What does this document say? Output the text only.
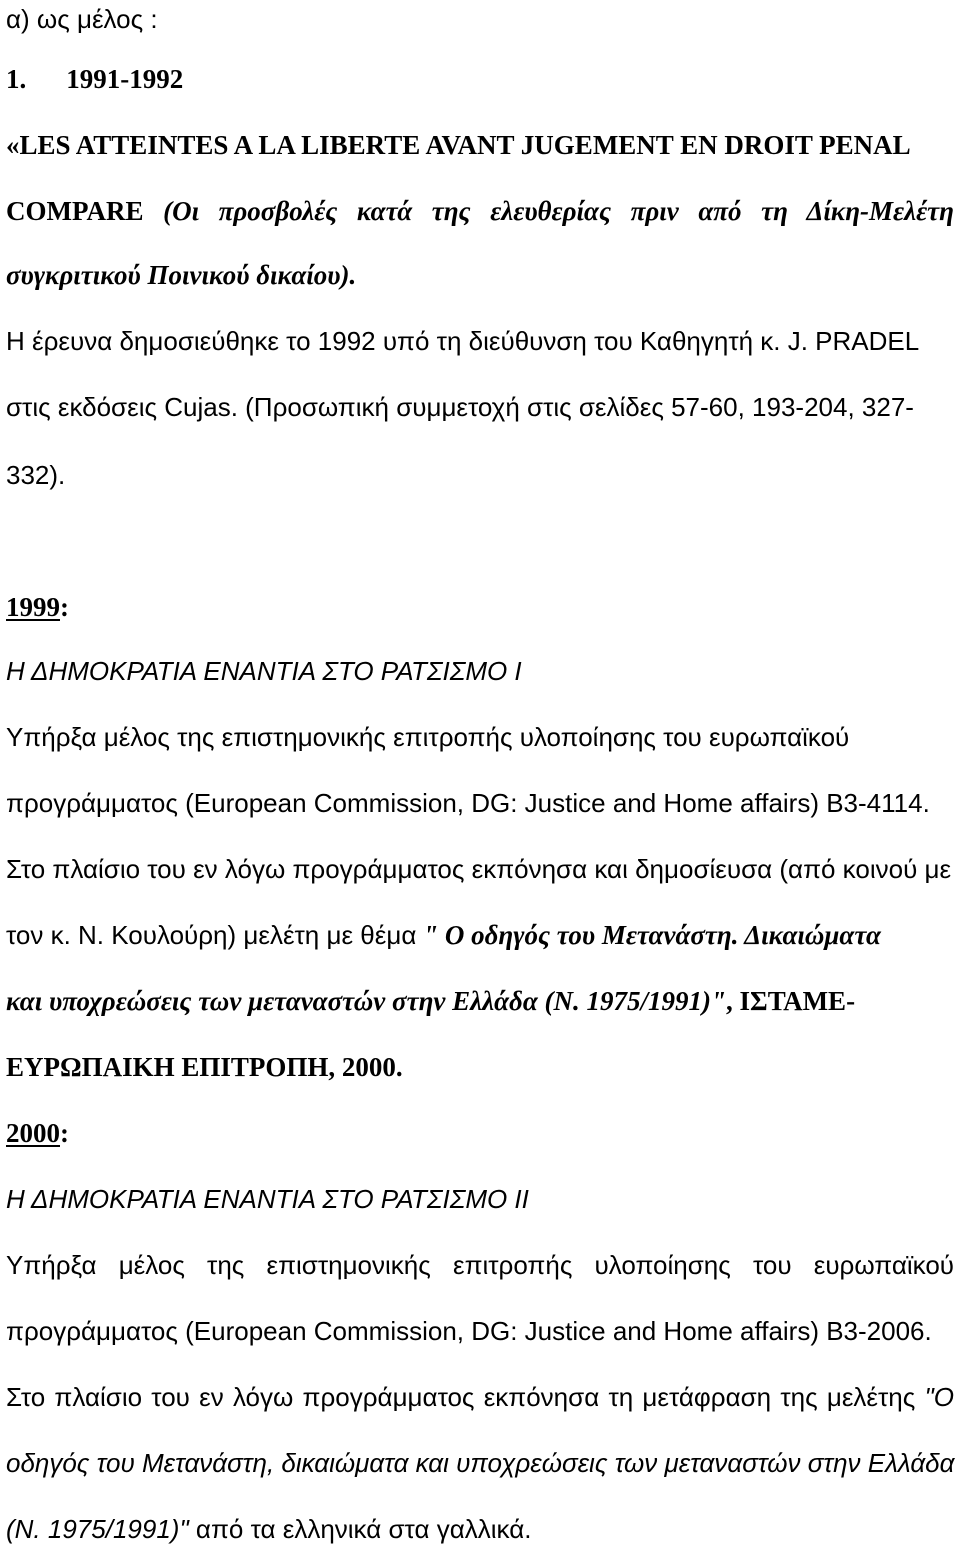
α) ως μέλος :
1. 1991-1992
«LES ATTEINTES A LA LIBERTE AVANT JUGEMENT EN DROIT PENAL
COMPARE (Οι προσβολές κατά της ελευθερίας πριν από τη Δίκη-Μελέτη
συγκριτικού Ποινικού δικαίου).
Η έρευνα δημοσιεύθηκε το 1992 υπό τη διεύθυνση του Καθηγητή κ. J. PRADEL
στις εκδόσεις Cujas. (Προσωπική συμμετοχή στις σελίδες 57-60, 193-204, 327-
332).
1999:
Η ΔΗΜΟΚΡΑΤΙΑ ΕΝΑΝΤΙΑ ΣΤΟ ΡΑΤΣΙΣΜΟ Ι
Υπήρξα μέλος της επιστημονικής επιτροπής υλοποίησης του ευρωπαϊκού
προγράμματος (European Commission, DG: Justice and Home affairs) B3-4114.
Στο πλαίσιο του εν λόγω προγράμματος εκπόνησα και δημοσίευσα (από κοινού με
τον κ. Ν. Κουλούρη) μελέτη με θέμα " Ο οδηγός του Μετανάστη. Δικαιώματα
και υποχρεώσεις των μεταναστών στην Ελλάδα (Ν. 1975/1991)", ΙΣΤΑΜΕ-
ΕΥΡΩΠΑΙΚΗ ΕΠΙΤΡΟΠΗ, 2000.
2000:
Η ΔΗΜΟΚΡΑΤΙΑ ΕΝΑΝΤΙΑ ΣΤΟ ΡΑΤΣΙΣΜΟ ΙΙ
Υπήρξα μέλος της επιστημονικής επιτροπής υλοποίησης του ευρωπαϊκού
προγράμματος (European Commission, DG: Justice and Home affairs) B3-2006.
Στο πλαίσιο του εν λόγω προγράμματος εκπόνησα τη μετάφραση της μελέτης "Ο
οδηγός του Μετανάστη, δικαιώματα και υποχρεώσεις των μεταναστών στην Ελλάδα
(Ν. 1975/1991)" από τα ελληνικά στα γαλλικά.
